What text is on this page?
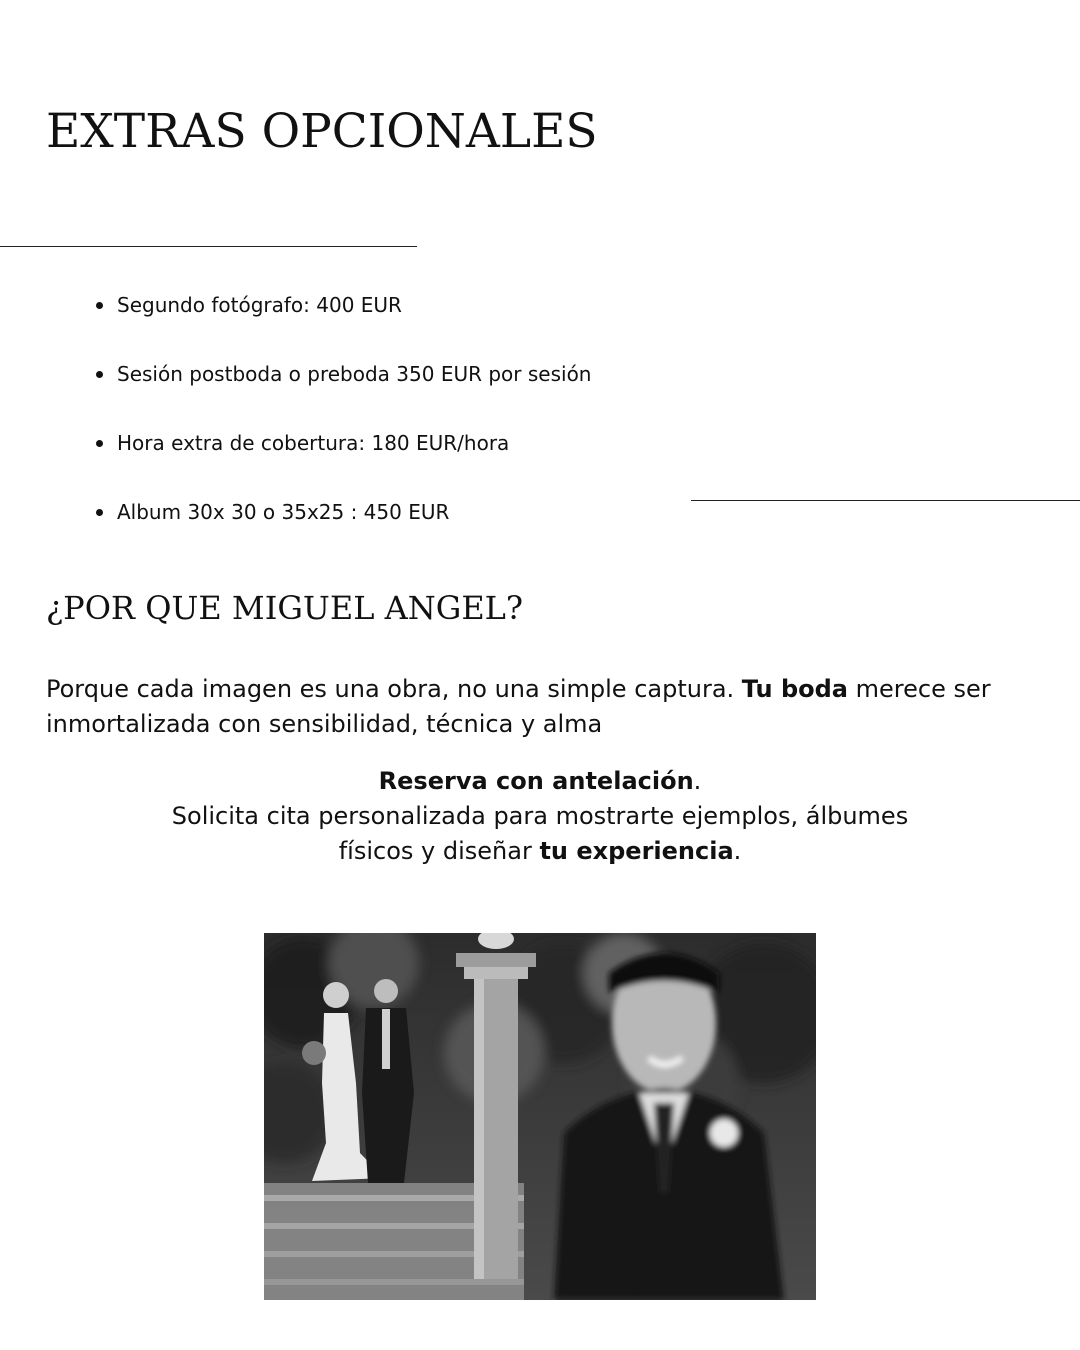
EXTRAS OPCIONALES
Segundo fotógrafo: 400 EUR
Sesión postboda o preboda 350 EUR por sesión
Hora extra de cobertura: 180 EUR/hora
Album 30x 30 o 35x25 : 450 EUR
¿POR QUE MIGUEL ANGEL?

Porque cada imagen es una obra, no una simple captura. Tu boda merece ser inmortalizada con sensibilidad, técnica y alma

Reserva con antelación.
Solicita cita personalizada para mostrarte ejemplos, álbumes
físicos y diseñar tu experiencia.
